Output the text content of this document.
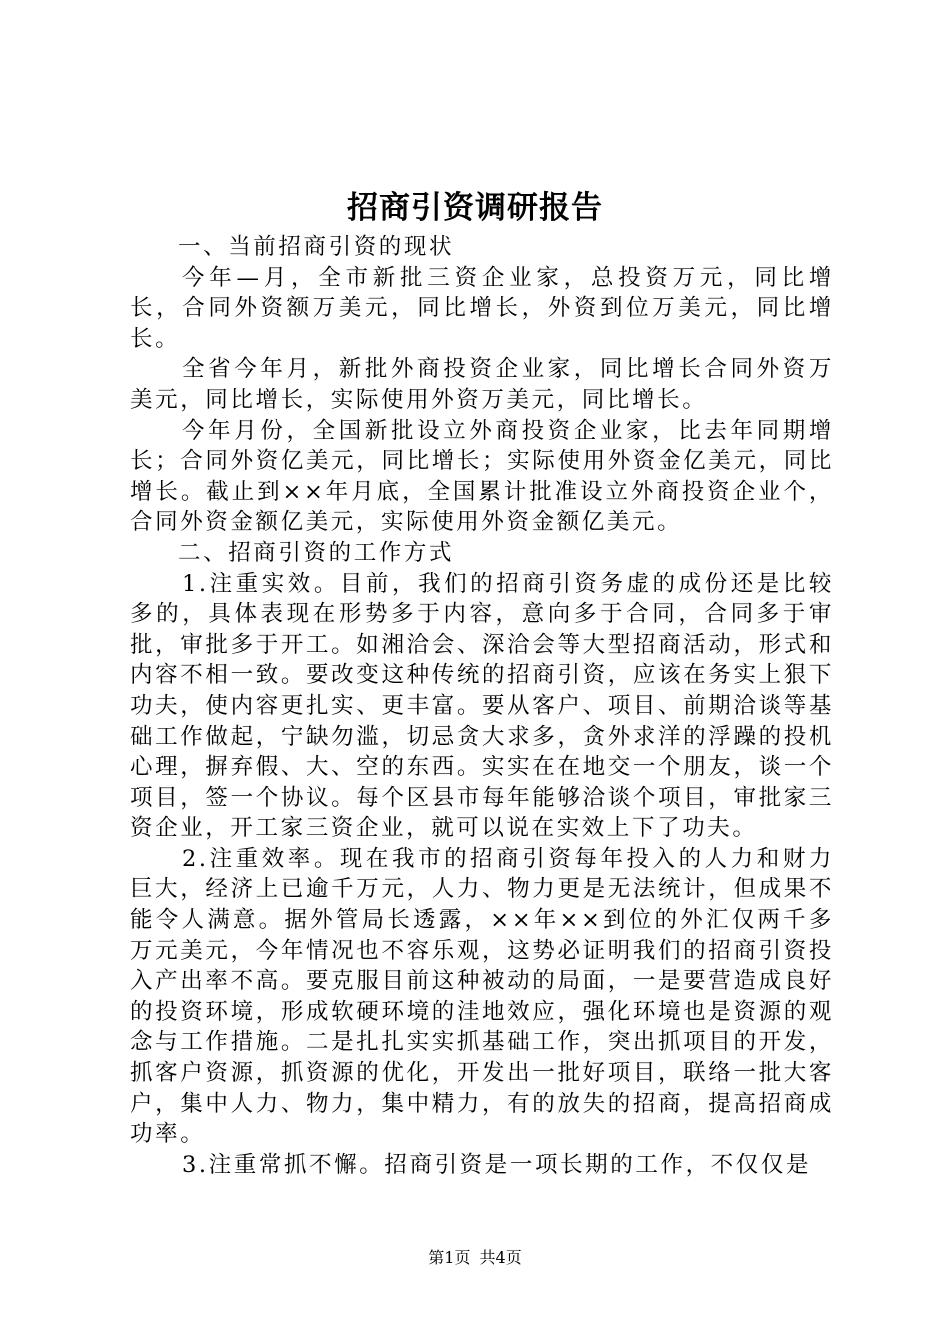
招商引资调研报告

一、当前招商引资的现状

今年—月，全市新批三资企业家，总投资万元，同比增长，合同外资额万美元，同比增长，外资到位万美元，同比增长。

全省今年月，新批外商投资企业家，同比增长合同外资万美元，同比增长，实际使用外资万美元，同比增长。

今年月份，全国新批设立外商投资企业家，比去年同期增长；合同外资亿美元，同比增长；实际使用外资金亿美元，同比增长。截止到××年月底，全国累计批准设立外商投资企业个，合同外资金额亿美元，实际使用外资金额亿美元。

二、招商引资的工作方式

1.注重实效。目前，我们的招商引资务虚的成份还是比较多的，具体表现在形势多于内容，意向多于合同，合同多于审批，审批多于开工。如湘洽会、深洽会等大型招商活动，形式和内容不相一致。要改变这种传统的招商引资，应该在务实上狠下功夫，使内容更扎实、更丰富。要从客户、项目、前期洽谈等基础工作做起，宁缺勿滥，切忌贪大求多，贪外求洋的浮躁的投机心理，摒弃假、大、空的东西。实实在在地交一个朋友，谈一个项目，签一个协议。每个区县市每年能够洽谈个项目，审批家三资企业，开工家三资企业，就可以说在实效上下了功夫。

2.注重效率。现在我市的招商引资每年投入的人力和财力巨大，经济上已逾千万元，人力、物力更是无法统计，但成果不能令人满意。据外管局长透露，××年××到位的外汇仅两千多万元美元，今年情况也不容乐观，这势必证明我们的招商引资投入产出率不高。要克服目前这种被动的局面，一是要营造成良好的投资环境，形成软硬环境的洼地效应，强化环境也是资源的观念与工作措施。二是扎扎实实抓基础工作，突出抓项目的开发，抓客户资源，抓资源的优化，开发出一批好项目，联络一批大客户，集中人力、物力，集中精力，有的放失的招商，提高招商成功率。

3.注重常抓不懈。招商引资是一项长期的工作，不仅仅是

第1页 共4页
